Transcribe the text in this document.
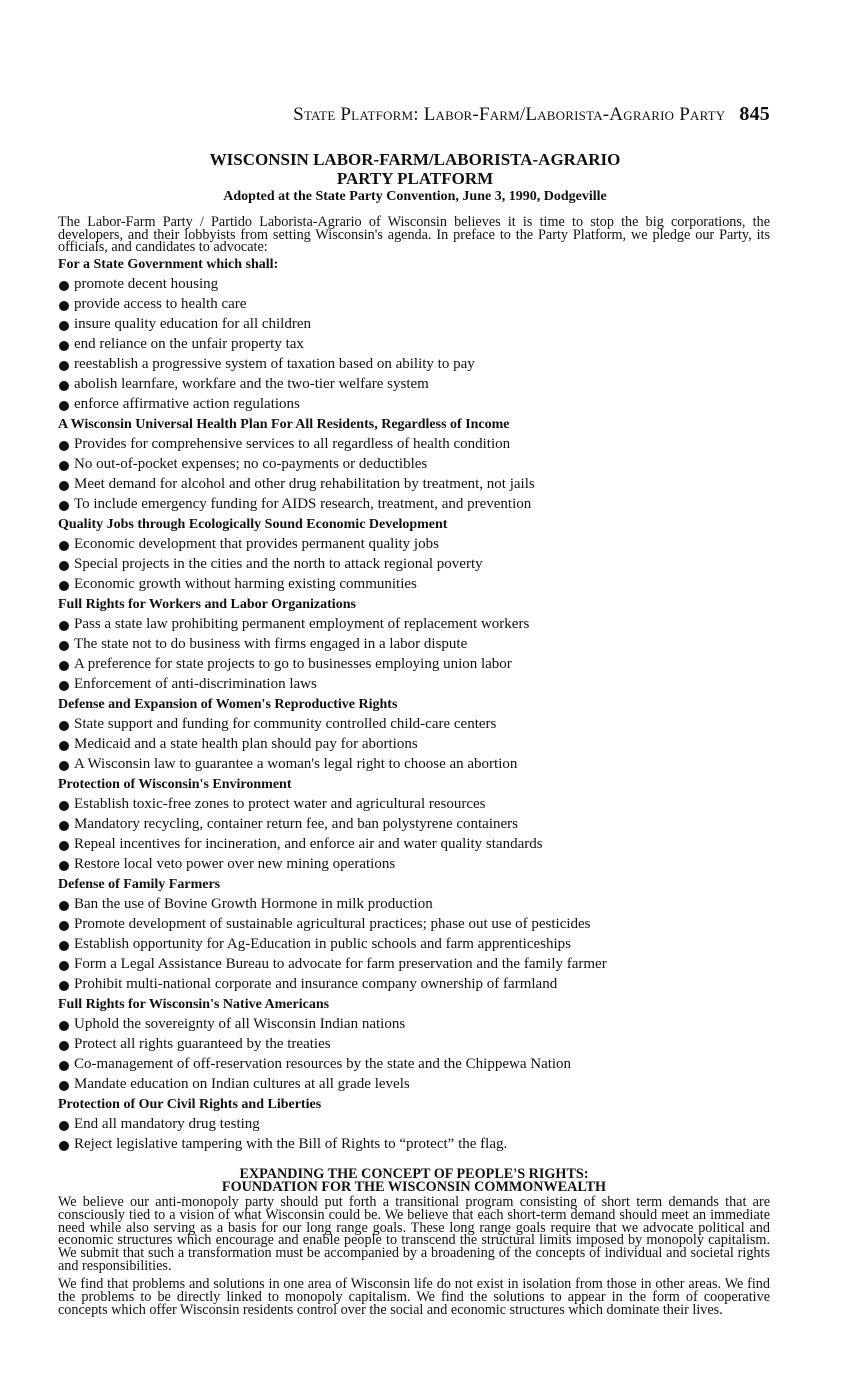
State Platform: Labor-Farm/Laborista-Agrario Party 845
WISCONSIN LABOR-FARM/LABORISTA-AGRARIO
PARTY PLATFORM
Adopted at the State Party Convention, June 3, 1990, Dodgeville

The Labor-Farm Party / Partido Laborista-Agrario of Wisconsin believes it is time to stop the big corporations, the developers, and their lobbyists from setting Wisconsin's agenda. In preface to the Party Platform, we pledge our Party, its officials, and candidates to advocate:

For a State Government which shall:
promote decent housing
provide access to health care
insure quality education for all children
end reliance on the unfair property tax
reestablish a progressive system of taxation based on ability to pay
abolish learnfare, workfare and the two-tier welfare system
enforce affirmative action regulations
A Wisconsin Universal Health Plan For All Residents, Regardless of Income
Provides for comprehensive services to all regardless of health condition
No out-of-pocket expenses; no co-payments or deductibles
Meet demand for alcohol and other drug rehabilitation by treatment, not jails
To include emergency funding for AIDS research, treatment, and prevention
Quality Jobs through Ecologically Sound Economic Development
Economic development that provides permanent quality jobs
Special projects in the cities and the north to attack regional poverty
Economic growth without harming existing communities
Full Rights for Workers and Labor Organizations
Pass a state law prohibiting permanent employment of replacement workers
The state not to do business with firms engaged in a labor dispute
A preference for state projects to go to businesses employing union labor
Enforcement of anti-discrimination laws
Defense and Expansion of Women's Reproductive Rights
State support and funding for community controlled child-care centers
Medicaid and a state health plan should pay for abortions
A Wisconsin law to guarantee a woman's legal right to choose an abortion
Protection of Wisconsin's Environment
Establish toxic-free zones to protect water and agricultural resources
Mandatory recycling, container return fee, and ban polystyrene containers
Repeal incentives for incineration, and enforce air and water quality standards
Restore local veto power over new mining operations
Defense of Family Farmers
Ban the use of Bovine Growth Hormone in milk production
Promote development of sustainable agricultural practices; phase out use of pesticides
Establish opportunity for Ag-Education in public schools and farm apprenticeships
Form a Legal Assistance Bureau to advocate for farm preservation and the family farmer
Prohibit multi-national corporate and insurance company ownership of farmland
Full Rights for Wisconsin's Native Americans
Uphold the sovereignty of all Wisconsin Indian nations
Protect all rights guaranteed by the treaties
Co-management of off-reservation resources by the state and the Chippewa Nation
Mandate education on Indian cultures at all grade levels
Protection of Our Civil Rights and Liberties
End all mandatory drug testing
Reject legislative tampering with the Bill of Rights to “protect” the flag.
EXPANDING THE CONCEPT OF PEOPLE'S RIGHTS:
FOUNDATION FOR THE WISCONSIN COMMONWEALTH

We believe our anti-monopoly party should put forth a transitional program consisting of short term demands that are consciously tied to a vision of what Wisconsin could be. We believe that each short-term demand should meet an immediate need while also serving as a basis for our long range goals. These long range goals require that we advocate political and economic structures which encourage and enable people to transcend the structural limits imposed by monopoly capitalism. We submit that such a transformation must be accompanied by a broadening of the concepts of individual and societal rights and responsibilities.

We find that problems and solutions in one area of Wisconsin life do not exist in isolation from those in other areas. We find the problems to be directly linked to monopoly capitalism. We find the solutions to appear in the form of cooperative concepts which offer Wisconsin residents control over the social and economic structures which dominate their lives.
